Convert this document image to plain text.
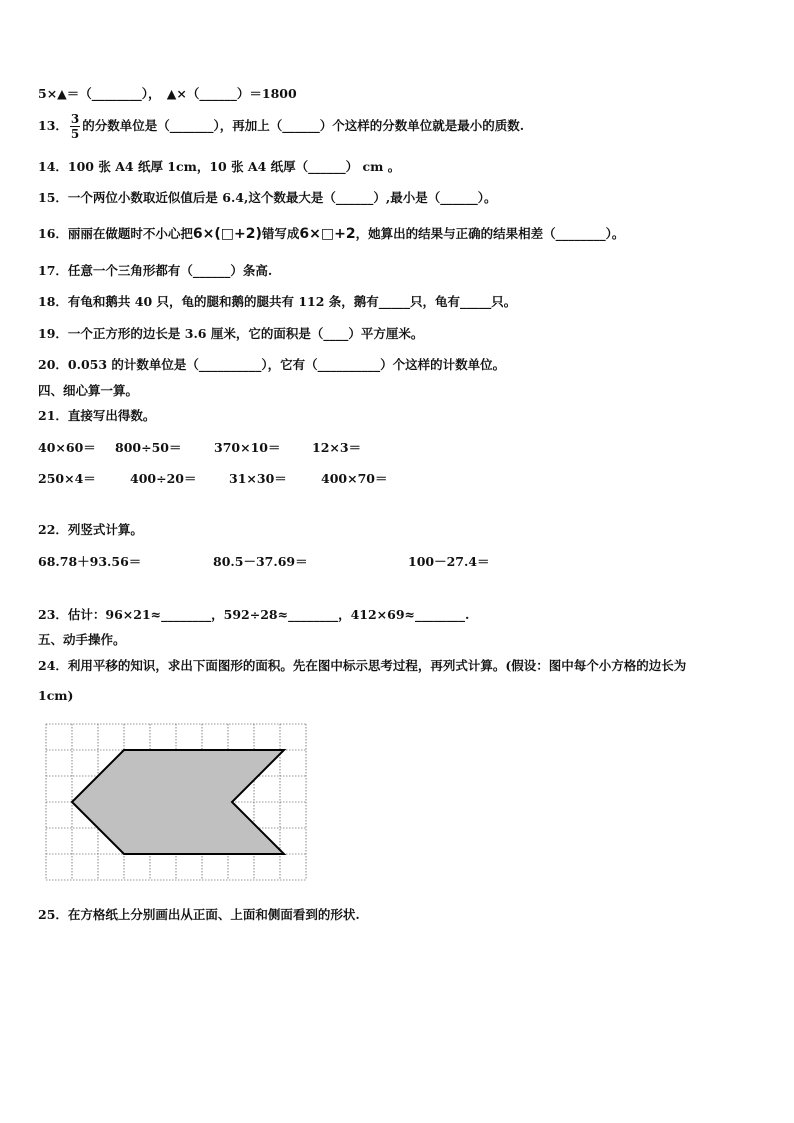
5×▲＝（________），　▲×（______）＝1800
13． $\frac{3}{5}$ 的分数单位是（_______），再加上（______）个这样的分数单位就是最小的质数.
14．100 张 A4 纸厚 1cm，10 张 A4 纸厚（______） cm 。
15．一个两位小数取近似值后是 6.4,这个数最大是（______）,最小是（______）。
16．丽丽在做题时不小心把6×(□+2)错写成6×□+2，她算出的结果与正确的结果相差（________）。
17．任意一个三角形都有（______）条高.
18．有龟和鹅共 40 只，龟的腿和鹅的腿共有 112 条，鹅有_____只，龟有_____只。
19．一个正方形的边长是 3.6 厘米，它的面积是（____）平方厘米。
20．0.053 的计数单位是（__________），它有（__________）个这样的计数单位。
四、细心算一算。
21．直接写出得数。
40×60＝ 800÷50＝	370×10＝	12×3＝
250×4＝	400÷20＝	31×30＝	400×70＝
22．列竖式计算。
68.78＋93.56＝	80.5－37.69＝	100－27.4＝
23．估计：96×21≈________，592÷28≈________，412×69≈________.
五、动手操作。
24．利用平移的知识，求出下面图形的面积。先在图中标示思考过程，再列式计算。(假设：图中每个小方格的边长为
1cm)
25．在方格纸上分别画出从正面、上面和侧面看到的形状.
